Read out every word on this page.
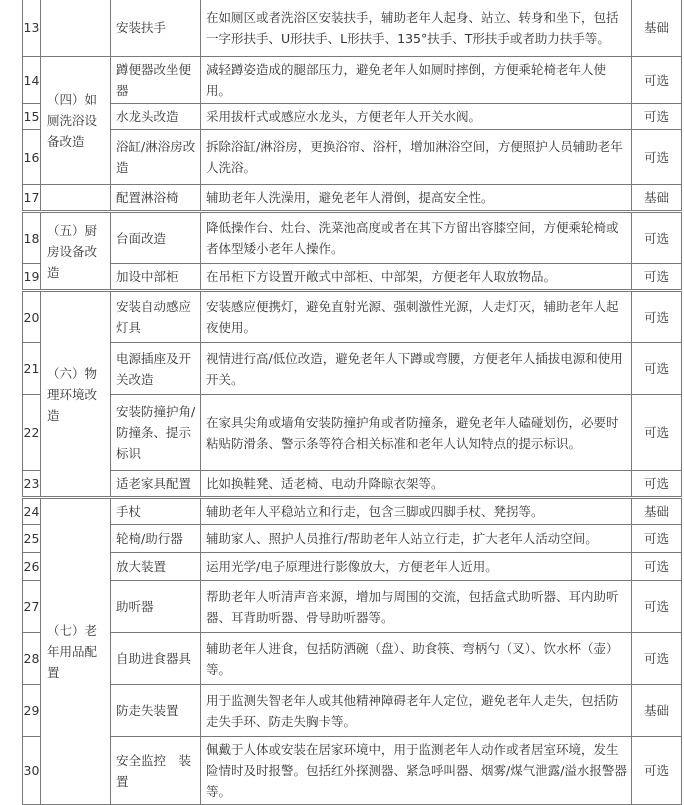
13		安装扶手	在如厕区或者洗浴区安装扶手，辅助老年人起身、站立、转身和坐下，包括一字形扶手、U形扶手、L形扶手、135°扶手、T形扶手或者助力扶手等。	基础
14	（四）如厕洗浴设备改造	蹲便器改坐便器	减轻蹲姿造成的腿部压力，避免老年人如厕时摔倒，方便乘轮椅老年人使用。	可选
15		水龙头改造	采用拔杆式或感应水龙头，方便老年人开关水阀。	可选
16		浴缸/淋浴房改造	拆除浴缸/淋浴房，更换浴帘、浴杆，增加淋浴空间，方便照护人员辅助老年人洗浴。	可选
17		配置淋浴椅	辅助老年人洗澡用，避免老年人滑倒，提高安全性。	基础
18	（五）厨房设备改造	台面改造	降低操作台、灶台、洗菜池高度或者在其下方留出容膝空间，方便乘轮椅或者体型矮小老年人操作。	可选
19		加设中部柜	在吊柜下方设置开敞式中部柜、中部架，方便老年人取放物品。	可选
20	（六）物理环境改造	安装自动感应灯具	安装感应便携灯，避免直射光源、强刺激性光源，人走灯灭，辅助老年人起夜使用。	可选
21		电源插座及开关改造	视情进行高/低位改造，避免老年人下蹲或弯腰，方便老年人插拔电源和使用开关。	可选
22		安装防撞护角/防撞条、提示标识	在家具尖角或墙角安装防撞护角或者防撞条，避免老年人磕碰划伤，必要时粘贴防滑条、警示条等符合相关标准和老年人认知特点的提示标识。	可选
23		适老家具配置	比如换鞋凳、适老椅、电动升降晾衣架等。	可选
24	（七）老年用品配置	手杖	辅助老年人平稳站立和行走，包含三脚或四脚手杖、凳拐等。	基础
25		轮椅/助行器	辅助家人、照护人员推行/帮助老年人站立行走，扩大老年人活动空间。	可选
26		放大装置	运用光学/电子原理进行影像放大，方便老年人近用。	可选
27		助听器	帮助老年人听清声音来源，增加与周围的交流，包括盒式助听器、耳内助听器、耳背助听器、骨导助听器等。	可选
28		自助进食器具	辅助老年人进食，包括防洒碗（盘）、助食筷、弯柄勺（叉）、饮水杯（壶）等。	可选
29		防走失装置	用于监测失智老年人或其他精神障碍老年人定位，避免老年人走失，包括防走失手环、防走失胸卡等。	基础
30		安全监控　装置	佩戴于人体或安装在居家环境中，用于监测老年人动作或者居室环境，发生险情时及时报警。包括红外探测器、紧急呼叫器、烟雾/煤气泄露/溢水报警器等。	可选
